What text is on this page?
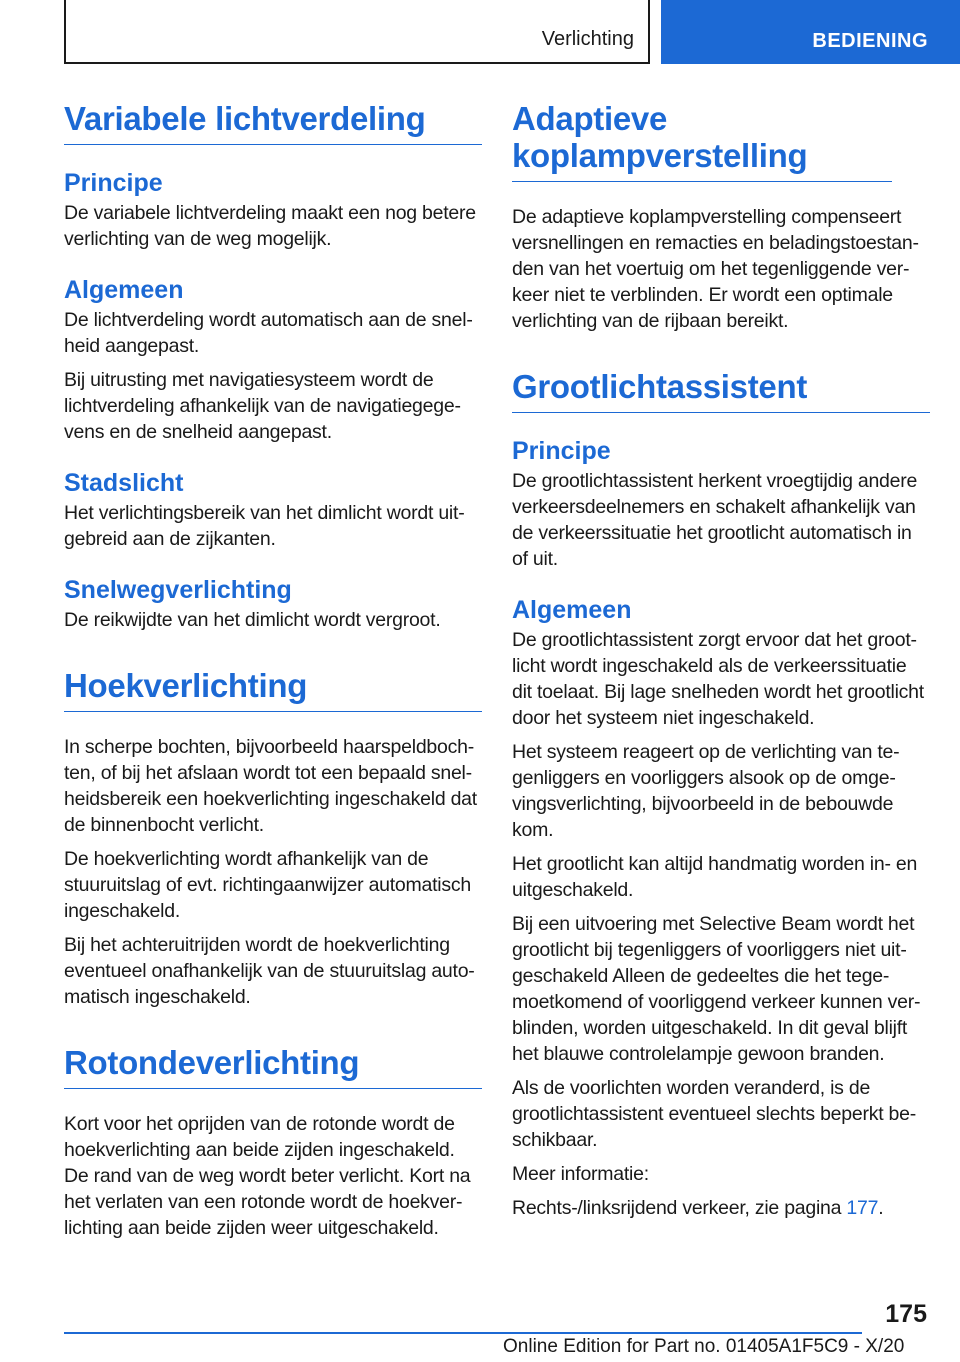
Verlichting	BEDIENING
Variabele lichtverdeling
Principe

De variabele lichtverdeling maakt een nog betere verlichting van de weg mogelijk.

Algemeen

De lichtverdeling wordt automatisch aan de snelheid aangepast.

Bij uitrusting met navigatiesysteem wordt de lichtverdeling afhankelijk van de navigatiegegevens en de snelheid aangepast.

Stadslicht

Het verlichtingsbereik van het dimlicht wordt uitgebreid aan de zijkanten.

Snelwegverlichting

De reikwijdte van het dimlicht wordt vergroot.

Hoekverlichting

In scherpe bochten, bijvoorbeeld haarspeldbochten, of bij het afslaan wordt tot een bepaald snelheidsbereik een hoekverlichting ingeschakeld dat de binnenbocht verlicht.

De hoekverlichting wordt afhankelijk van de stuuruitslag of evt. richtingaanwijzer automatisch ingeschakeld.

Bij het achteruitrijden wordt de hoekverlichting eventueel onafhankelijk van de stuuruitslag automatisch ingeschakeld.

Rotondeverlichting

Kort voor het oprijden van de rotonde wordt de hoekverlichting aan beide zijden ingeschakeld. De rand van de weg wordt beter verlicht. Kort na het verlaten van een rotonde wordt de hoekverlichting aan beide zijden weer uitgeschakeld.

Adaptieve koplampverstelling

De adaptieve koplampverstelling compenseert versnellingen en remacties en beladingstoestanden van het voertuig om het tegenliggende verkeer niet te verblinden. Er wordt een optimale verlichting van de rijbaan bereikt.

Grootlichtassistent
Principe

De grootlichtassistent herkent vroegtijdig andere verkeersdeelnemers en schakelt afhankelijk van de verkeerssituatie het grootlicht automatisch in of uit.

Algemeen

De grootlichtassistent zorgt ervoor dat het grootlicht wordt ingeschakeld als de verkeerssituatie dit toelaat. Bij lage snelheden wordt het grootlicht door het systeem niet ingeschakeld.

Het systeem reageert op de verlichting van tegenliggers en voorliggers alsook op de omgevingsverlichting, bijvoorbeeld in de bebouwde kom.

Het grootlicht kan altijd handmatig worden in- en uitgeschakeld.

Bij een uitvoering met Selective Beam wordt het grootlicht bij tegenliggers of voorliggers niet uitgeschakeld Alleen de gedeeltes die het tegemoetkomend of voorliggend verkeer kunnen verblinden, worden uitgeschakeld. In dit geval blijft het blauwe controlelampje gewoon branden.

Als de voorlichten worden veranderd, is de grootlichtassistent eventueel slechts beperkt beschikbaar.

Meer informatie:

Rechts-/linksrijdend verkeer, zie pagina 177.

175
Online Edition for Part no. 01405A1F5C9 - X/20
